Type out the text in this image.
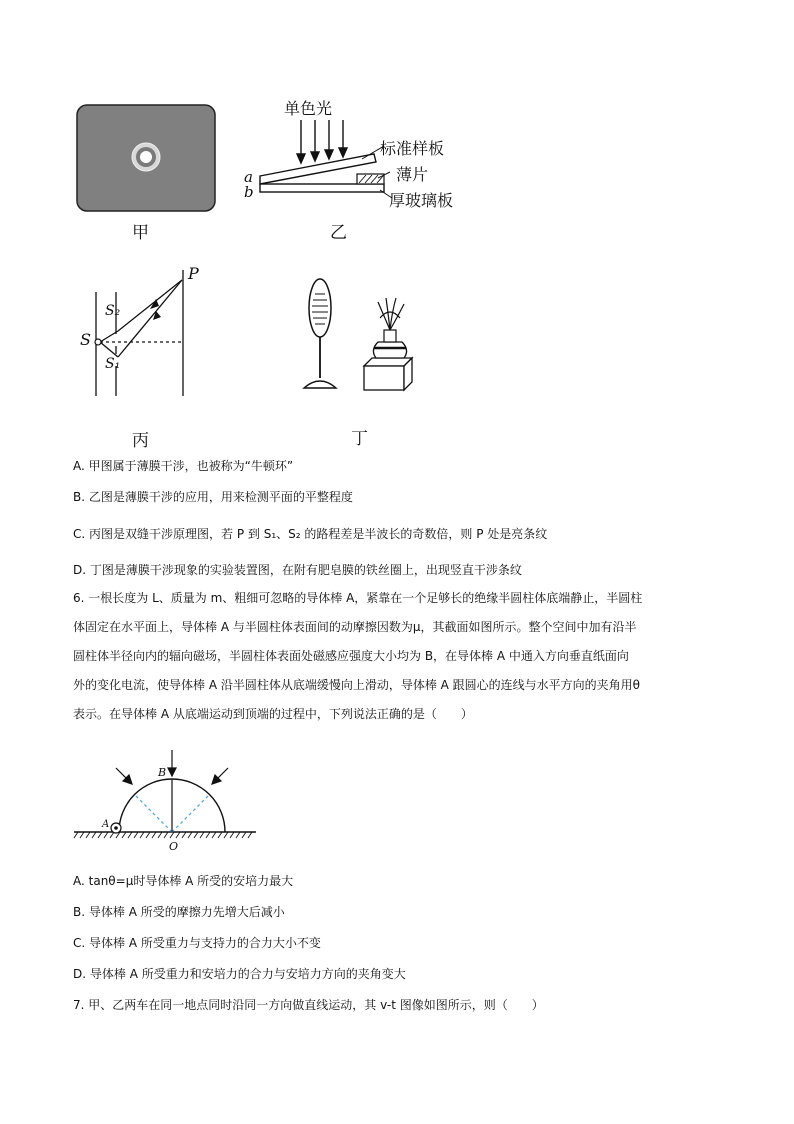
甲
单色光
标准样板
薄片
厚玻璃板
a
b
乙
P
S
S₂
S₁
丙	丁
A. 甲图属于薄膜干涉，也被称为“牛顿环”
B. 乙图是薄膜干涉的应用，用来检测平面的平整程度
C. 丙图是双缝干涉原理图，若 P 到 S₁、S₂ 的路程差是半波长的奇数倍，则 P 处是亮条纹
D. 丁图是薄膜干涉现象的实验装置图，在附有肥皂膜的铁丝圈上，出现竖直干涉条纹
6. 一根长度为 L、质量为 m、粗细可忽略的导体棒 A，紧靠在一个足够长的绝缘半圆柱体底端静止，半圆柱
体固定在水平面上，导体棒 A 与半圆柱体表面间的动摩擦因数为μ，其截面如图所示。整个空间中加有沿半
圆柱体半径向内的辐向磁场，半圆柱体表面处磁感应强度大小均为 B，在导体棒 A 中通入方向垂直纸面向
外的变化电流，使导体棒 A 沿半圆柱体从底端缓慢向上滑动，导体棒 A 跟圆心的连线与水平方向的夹角用θ
表示。在导体棒 A 从底端运动到顶端的过程中，下列说法正确的是（　　）
A
B
O
A. tanθ=μ时导体棒 A 所受的安培力最大
B. 导体棒 A 所受的摩擦力先增大后减小
C. 导体棒 A 所受重力与支持力的合力大小不变
D. 导体棒 A 所受重力和安培力的合力与安培力方向的夹角变大
7. 甲、乙两车在同一地点同时沿同一方向做直线运动，其 v-t 图像如图所示，则（　　）
